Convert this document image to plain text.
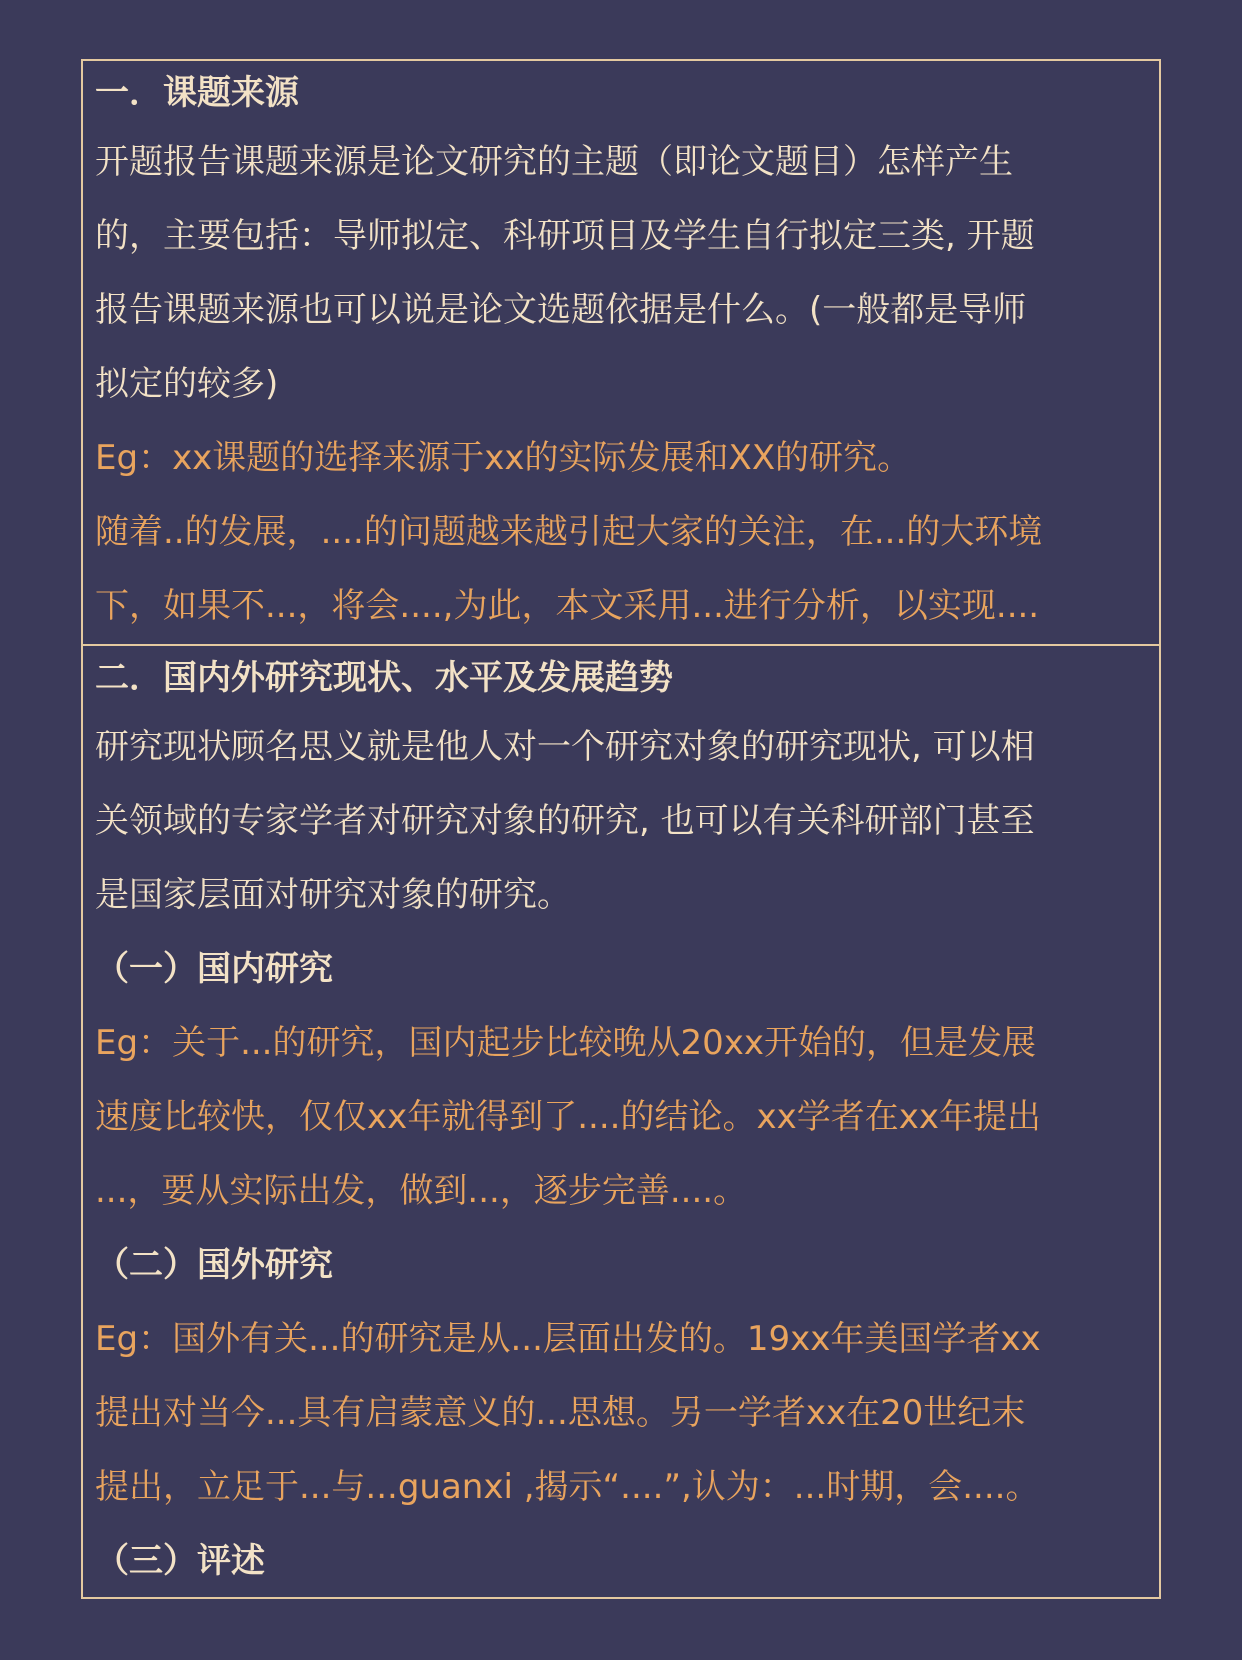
一．课题来源
开题报告课题来源是论文研究的主题（即论文题目）怎样产生
的，主要包括：导师拟定、科研项目及学生自行拟定三类, 开题
报告课题来源也可以说是论文选题依据是什么。(一般都是导师
拟定的较多)
Eg：xx课题的选择来源于xx的实际发展和XX的研究。
随着..的发展，....的问题越来越引起大家的关注，在...的大环境
下，如果不...，将会....,为此，本文采用...进行分析，以实现....
二．国内外研究现状、水平及发展趋势
研究现状顾名思义就是他人对一个研究对象的研究现状, 可以相
关领域的专家学者对研究对象的研究, 也可以有关科研部门甚至
是国家层面对研究对象的研究。
（一）国内研究
Eg：关于...的研究，国内起步比较晚从20xx开始的，但是发展
速度比较快，仅仅xx年就得到了....的结论。xx学者在xx年提出
...，要从实际出发，做到...，逐步完善....。
（二）国外研究
Eg：国外有关...的研究是从...层面出发的。19xx年美国学者xx
提出对当今...具有启蒙意义的...思想。另一学者xx在20世纪末
提出，立足于...与...guanxi ,揭示“....”,认为：...时期，会....。
（三）评述
